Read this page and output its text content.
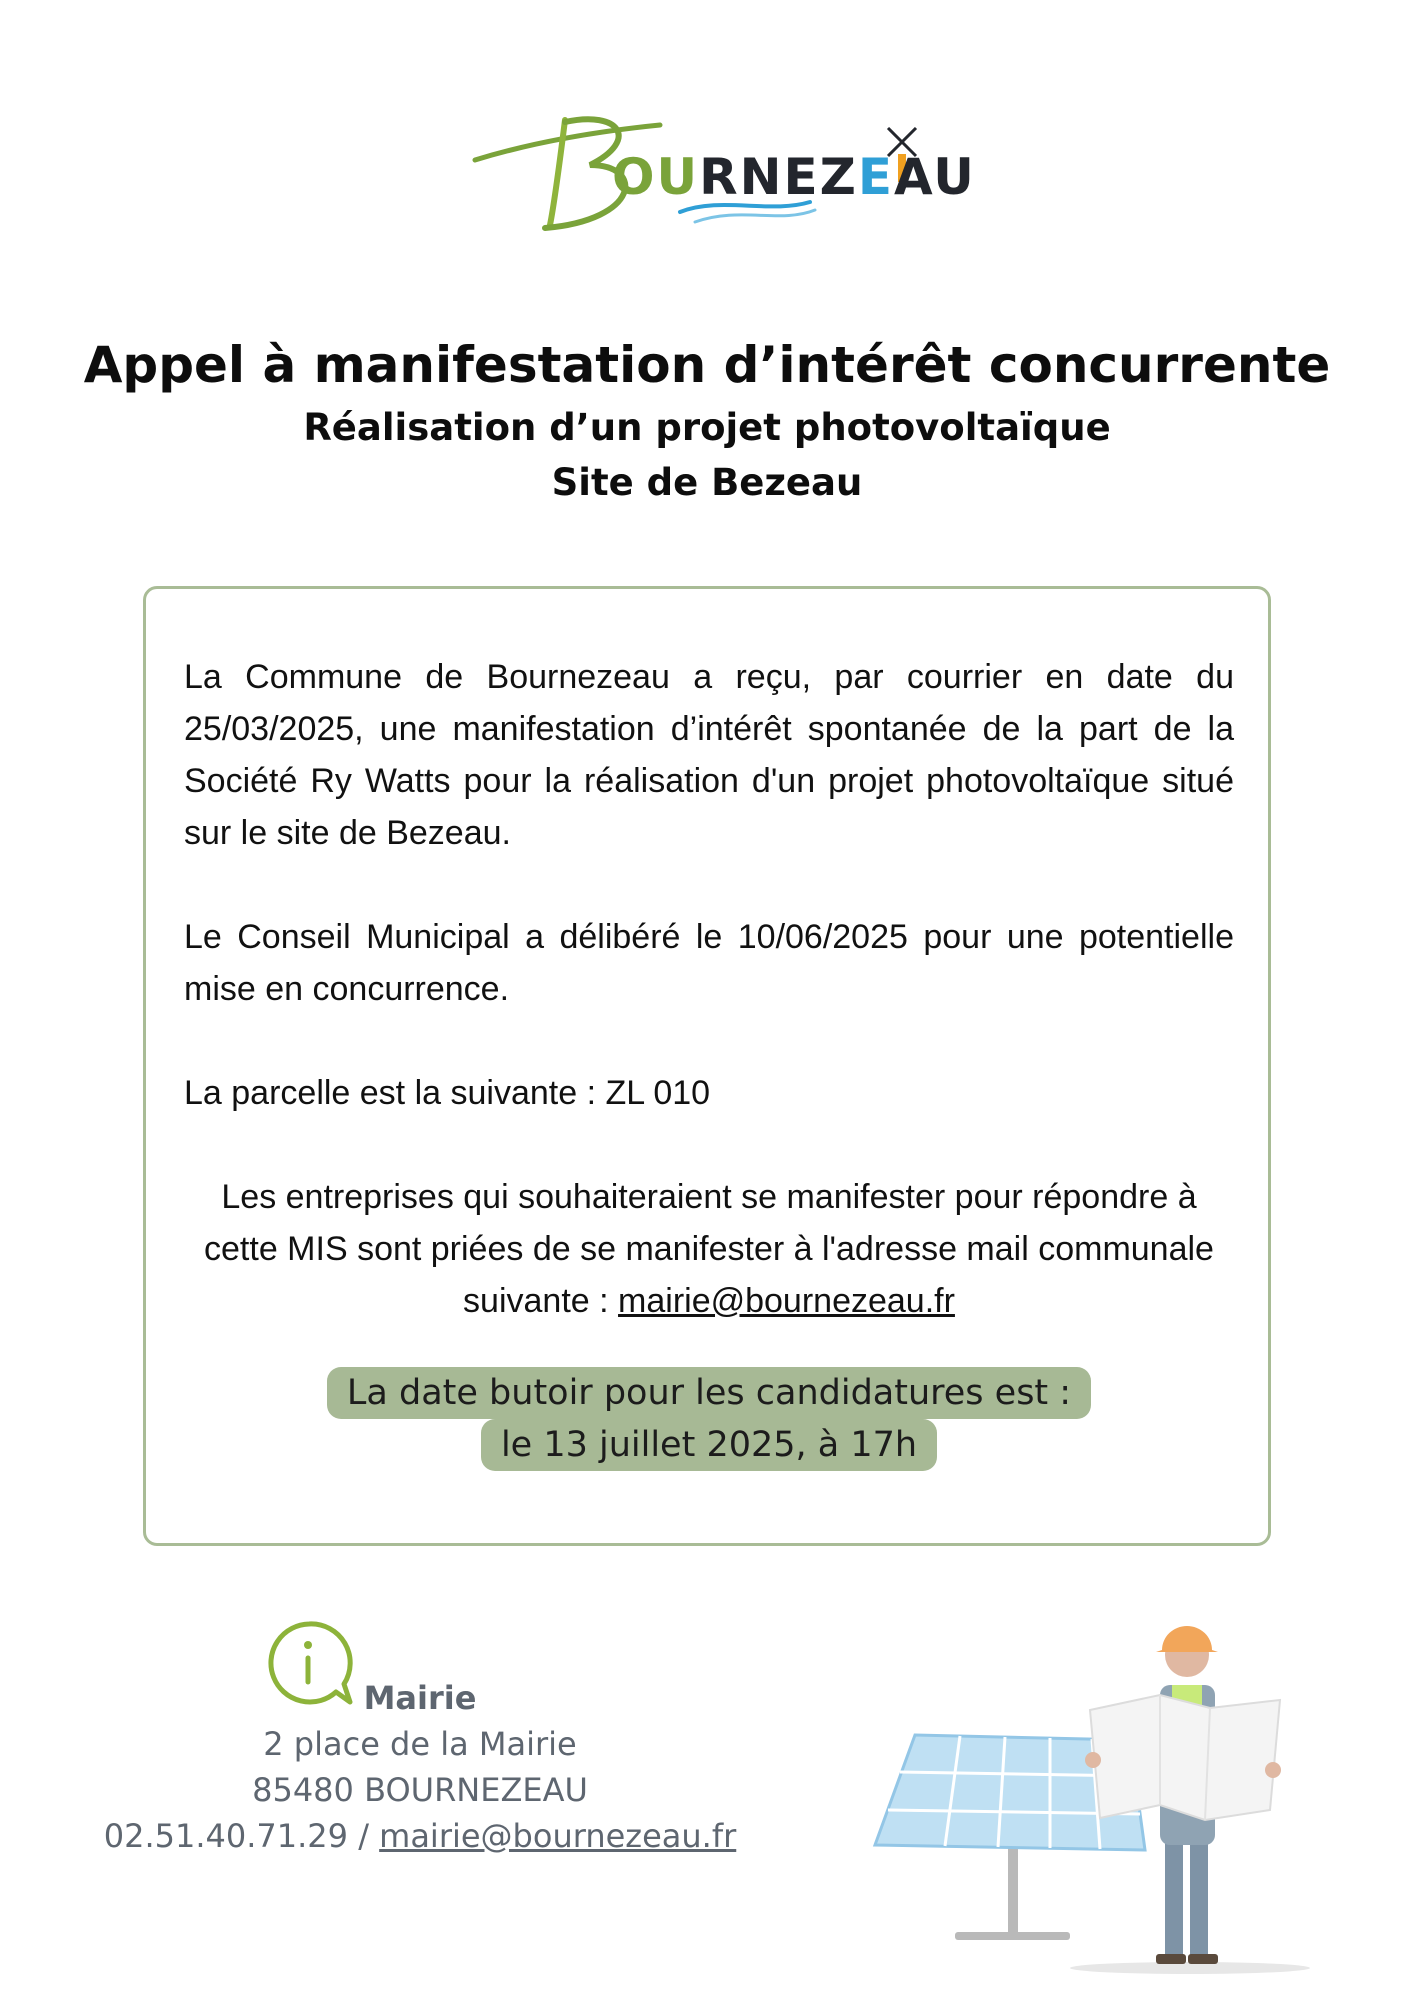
OURNEZEAU
Appel à manifestation d’intérêt concurrente
Réalisation d’un projet photovoltaïque
Site de Bezeau

La Commune de Bournezeau a reçu, par courrier en date du 25/03/2025, une manifestation d’intérêt spontanée de la part de la Société Ry Watts pour la réalisation d'un projet photovoltaïque situé sur le site de Bezeau.

Le Conseil Municipal a délibéré le 10/06/2025 pour une potentielle mise en concurrence.

La parcelle est la suivante : ZL 010

Les entreprises qui souhaiteraient se manifester pour répondre à cette MIS sont priées de se manifester à l'adresse mail communale suivante : mairie@bournezeau.fr

La date butoir pour les candidatures est :
le 13 juillet 2025, à 17h
Mairie
2 place de la Mairie
85480 BOURNEZEAU
02.51.40.71.29 / mairie@bournezeau.fr
